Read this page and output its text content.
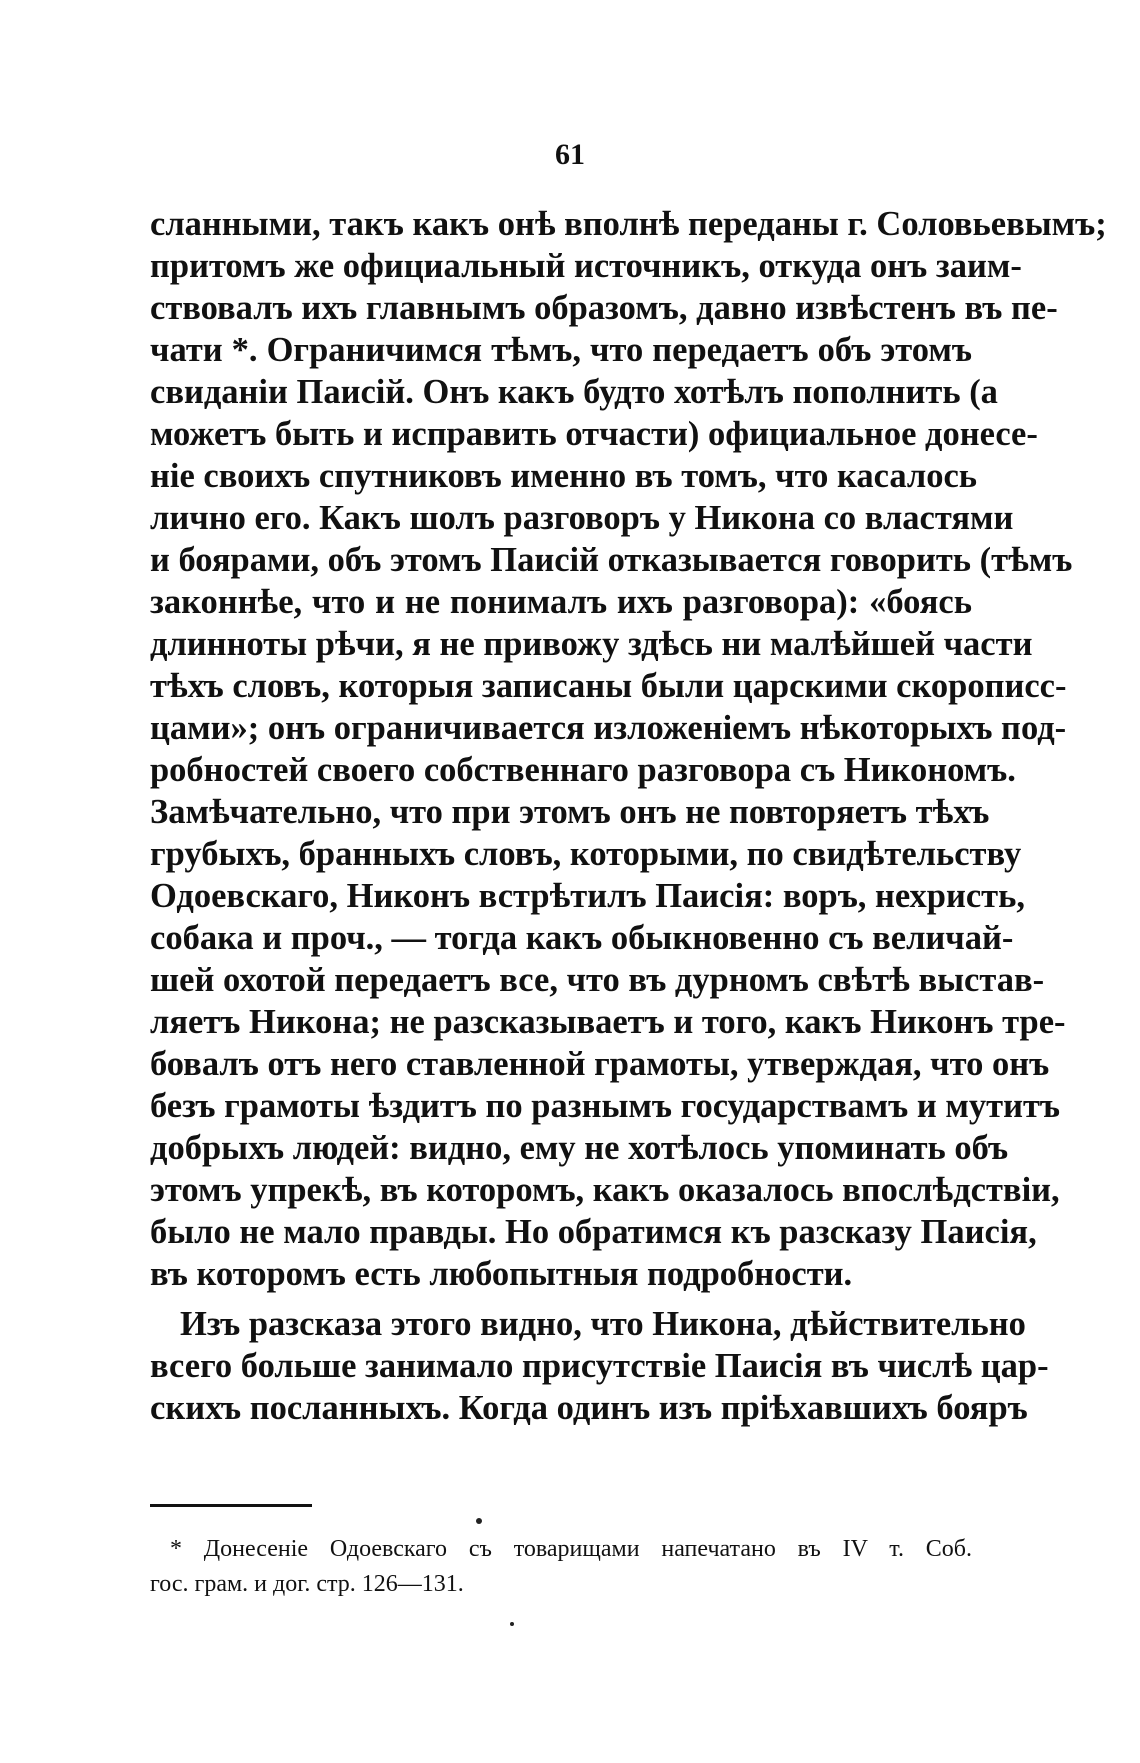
61
сланными, такъ какъ онѣ вполнѣ переданы г. Соловьевымъ;
притомъ же официальный источникъ, откуда онъ заим-
ствовалъ ихъ главнымъ образомъ, давно извѣстенъ въ пе-
чати *. Ограничимся тѣмъ, что передаетъ объ этомъ
свиданіи Паисій. Онъ какъ будто хотѣлъ пополнить (а
можетъ быть и исправить отчасти) официальное донесе-
ніе своихъ спутниковъ именно въ томъ, что касалось
лично его. Какъ шолъ разговоръ у Никона со властями
и боярами, объ этомъ Паисій отказывается говорить (тѣмъ
законнѣе, что и не понималъ ихъ разговора): «боясь
длинноты рѣчи, я не привожу здѣсь ни малѣйшей части
тѣхъ словъ, которыя записаны были царскими скорописс-
цами»; онъ ограничивается изложеніемъ нѣкоторыхъ под-
робностей своего собственнаго разговора съ Никономъ.
Замѣчательно, что при этомъ онъ не повторяетъ тѣхъ
грубыхъ, бранныхъ словъ, которыми, по свидѣтельству
Одоевскаго, Никонъ встрѣтилъ Паисія: воръ, нехристь,
собака и проч., — тогда какъ обыкновенно съ величай-
шей охотой передаетъ все, что въ дурномъ свѣтѣ выстав-
ляетъ Никона; не разсказываетъ и того, какъ Никонъ тре-
бовалъ отъ него ставленной грамоты, утверждая, что онъ
безъ грамоты ѣздитъ по разнымъ государствамъ и мутитъ
добрыхъ людей: видно, ему не хотѣлось упоминать объ
этомъ упрекѣ, въ которомъ, какъ оказалось впослѣдствіи,
было не мало правды. Но обратимся къ разсказу Паисія,
въ которомъ есть любопытныя подробности.
Изъ разсказа этого видно, что Никона, дѣйствительно
всего больше занимало присутствіе Паисія въ числѣ цар-
скихъ посланныхъ. Когда одинъ изъ пріѣхавшихъ бояръ
* Донесеніе Одоевскаго съ товарищами напечатано въ IV т. Соб.
гос. грам. и дог. стр. 126—131.
